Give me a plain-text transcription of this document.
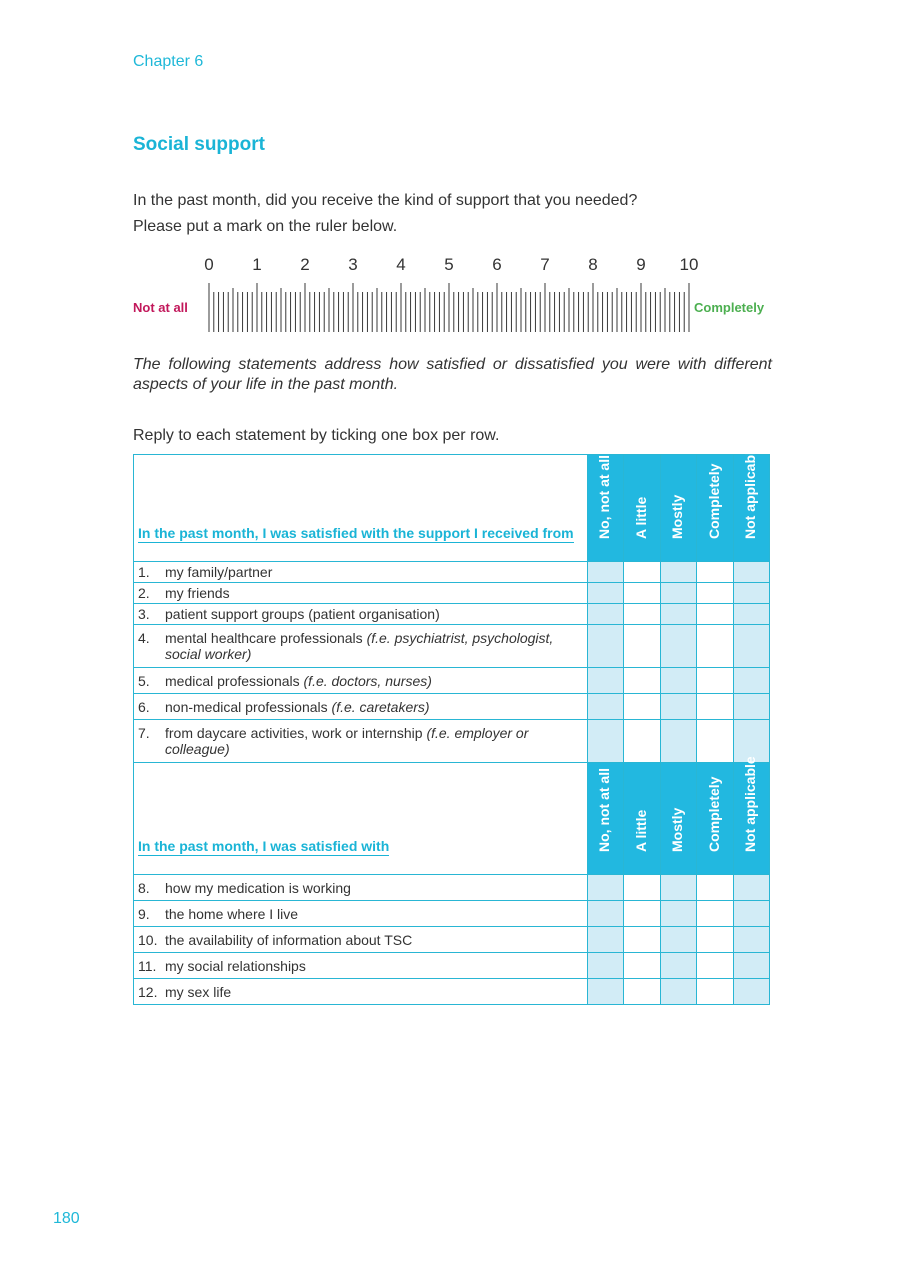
Chapter 6
Social support
In the past month, did you receive the kind of support that you needed?
Please put a mark on the ruler below.
0	1	2	3	4	5	6	7	8	9	10
Not at all	Completely
The following statements address how satisfied or dissatisfied you were with different aspects of your life in the past month.
Reply to each statement by ticking one box per row.
In the past month, I was satisfied with the support I received from	No, not at all	A little	Mostly	Completely	Not applicable

1. my family/partner					

2. my friends					

3. patient support groups (patient organisation)					

4. mental healthcare professionals (f.e. psychiatrist, psychologist, social worker)					

5. medical professionals (f.e. doctors, nurses)					

6. non-medical professionals (f.e. caretakers)					

7. from daycare activities, work or internship (f.e. employer or colleague)					

In the past month, I was satisfied with	No, not at all	A little	Mostly	Completely	Not applicable

8. how my medication is working					

9. the home where I live					

10. the availability of information about TSC					

11. my social relationships					

12. my sex life					

180
